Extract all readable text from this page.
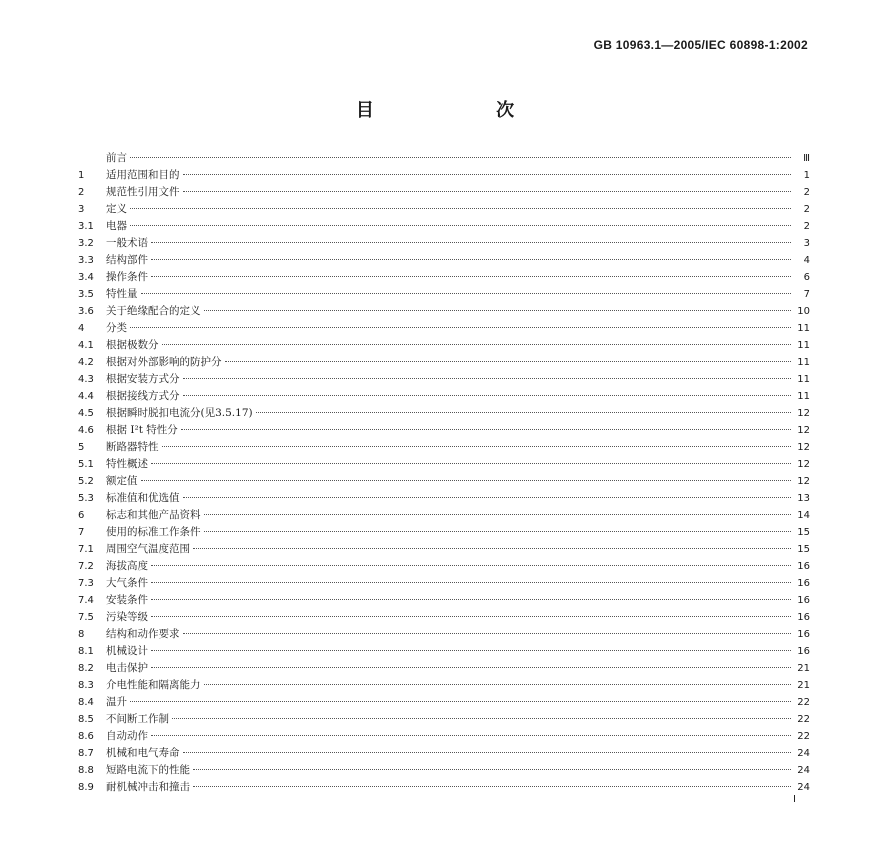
GB 10963.1—2005/IEC 60898-1:2002
目 次
前言	Ⅲ
1	适用范围和目的	1
2	规范性引用文件	2
3	定义	2
3.1	电器	2
3.2	一般术语	3
3.3	结构部件	4
3.4	操作条件	6
3.5	特性量	7
3.6	关于绝缘配合的定义	10
4	分类	11
4.1	根据极数分	11
4.2	根据对外部影响的防护分	11
4.3	根据安装方式分	11
4.4	根据接线方式分	11
4.5	根据瞬时脱扣电流分(见3.5.17)	12
4.6	根据 I²t 特性分	12
5	断路器特性	12
5.1	特性概述	12
5.2	额定值	12
5.3	标准值和优选值	13
6	标志和其他产品资料	14
7	使用的标准工作条件	15
7.1	周围空气温度范围	15
7.2	海拔高度	16
7.3	大气条件	16
7.4	安装条件	16
7.5	污染等级	16
8	结构和动作要求	16
8.1	机械设计	16
8.2	电击保护	21
8.3	介电性能和隔离能力	21
8.4	温升	22
8.5	不间断工作制	22
8.6	自动动作	22
8.7	机械和电气寿命	24
8.8	短路电流下的性能	24
8.9	耐机械冲击和撞击	24
I
